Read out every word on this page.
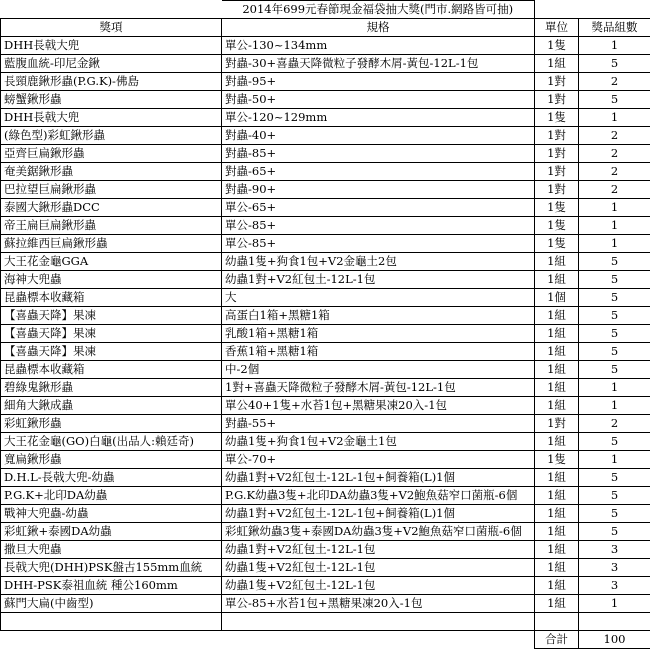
	2014年699元春節現金福袋抽大獎(門市.網路皆可抽)		
獎項	規格	單位	獎品組數
DHH長戟大兜	單公-130~134mm	1隻	1
藍腹血統-印尼金鍬	對蟲-30+喜蟲天降微粒子發酵木屑-黃包-12L-1包	1組	5
長頸鹿鍬形蟲(P.G.K)-佛島	對蟲-95+	1對	2
螃蟹鍬形蟲	對蟲-50+	1對	5
DHH長戟大兜	單公-120~129mm	1隻	1
(綠色型)彩虹鍬形蟲	對蟲-40+	1對	2
亞齊巨扁鍬形蟲	對蟲-85+	1對	2
奄美鋸鍬形蟲	對蟲-65+	1對	2
巴拉望巨扁鍬形蟲	對蟲-90+	1對	2
泰國大鍬形蟲DCC	單公-65+	1隻	1
帝王扁巨扁鍬形蟲	單公-85+	1隻	1
蘇拉維西巨扁鍬形蟲	單公-85+	1隻	1
大王花金龜GGA	幼蟲1隻+狗食1包+V2金龜土2包	1組	5
海神大兜蟲	幼蟲1對+V2紅包土-12L-1包	1組	5
昆蟲標本收藏箱	大	1個	5
【喜蟲天降】果凍	高蛋白1箱+黑糖1箱	1組	5
【喜蟲天降】果凍	乳酸1箱+黑糖1箱	1組	5
【喜蟲天降】果凍	香蕉1箱+黑糖1箱	1組	5
昆蟲標本收藏箱	中-2個	1組	5
碧綠鬼鍬形蟲	1對+喜蟲天降微粒子發酵木屑-黃包-12L-1包	1組	1
細角大鍬成蟲	單公40+1隻+水苔1包+黑糖果凍20入-1包	1組	1
彩虹鍬形蟲	對蟲-55+	1對	2
大王花金龜(GO)白龜(出品人:賴廷奇)	幼蟲1隻+狗食1包+V2金龜土1包	1組	5
寬扁鍬形蟲	單公-70+	1隻	1
D.H.L-長戟大兜-幼蟲	幼蟲1對+V2紅包土-12L-1包+飼養箱(L)1個	1組	5
P.G.K+北印DA幼蟲	P.G.K幼蟲3隻+北印DA幼蟲3隻+V2鮑魚菇窄口菌瓶-6個	1組	5
戰神大兜蟲-幼蟲	幼蟲1對+V2紅包土-12L-1包+飼養箱(L)1個	1組	5
彩虹鍬+泰國DA幼蟲	彩虹鍬幼蟲3隻+泰國DA幼蟲3隻+V2鮑魚菇窄口菌瓶-6個	1組	5
撒旦大兜蟲	幼蟲1對+V2紅包土-12L-1包	1組	3
長戟大兜(DHH)PSK盤古155mm血統	幼蟲1隻+V2紅包土-12L-1包	1組	3
DHH-PSK泰祖血統 種公160mm	幼蟲1隻+V2紅包土-12L-1包	1組	3
蘇門大扁(中齒型)	單公-85+水苔1包+黑糖果凍20入-1包	1組	1

		合計	100
